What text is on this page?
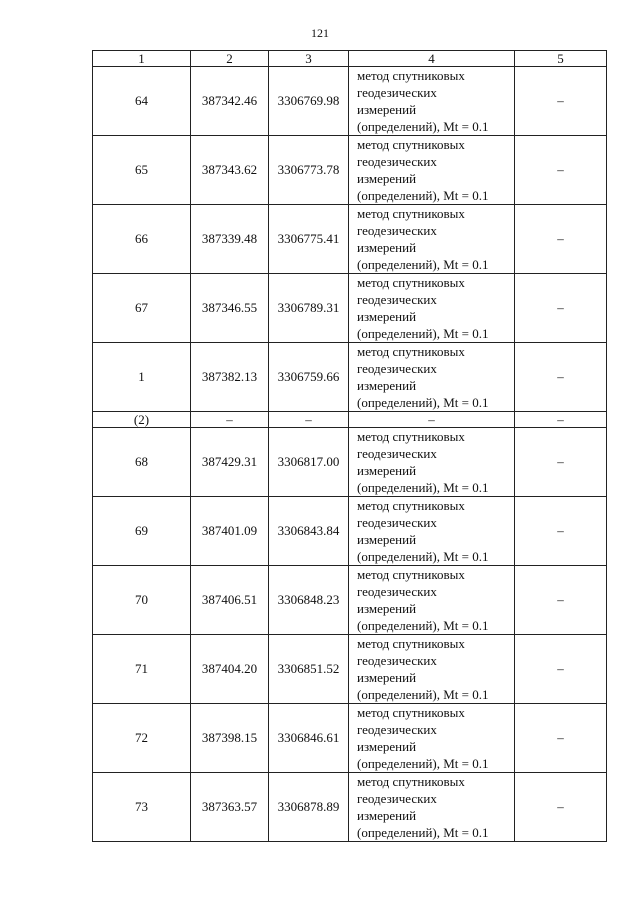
121
1	2	3	4	5
64	387342.46	3306769.98	метод спутниковых
геодезических
измерений
(определений), Mt = 0.1	–
65	387343.62	3306773.78	метод спутниковых
геодезических
измерений
(определений), Mt = 0.1	–
66	387339.48	3306775.41	метод спутниковых
геодезических
измерений
(определений), Mt = 0.1	–
67	387346.55	3306789.31	метод спутниковых
геодезических
измерений
(определений), Mt = 0.1	–
1	387382.13	3306759.66	метод спутниковых
геодезических
измерений
(определений), Mt = 0.1	–
(2)	–	–	–	–
68	387429.31	3306817.00	метод спутниковых
геодезических
измерений
(определений), Mt = 0.1	–
69	387401.09	3306843.84	метод спутниковых
геодезических
измерений
(определений), Mt = 0.1	–
70	387406.51	3306848.23	метод спутниковых
геодезических
измерений
(определений), Mt = 0.1	–
71	387404.20	3306851.52	метод спутниковых
геодезических
измерений
(определений), Mt = 0.1	–
72	387398.15	3306846.61	метод спутниковых
геодезических
измерений
(определений), Mt = 0.1	–
73	387363.57	3306878.89	метод спутниковых
геодезических
измерений
(определений), Mt = 0.1	–
